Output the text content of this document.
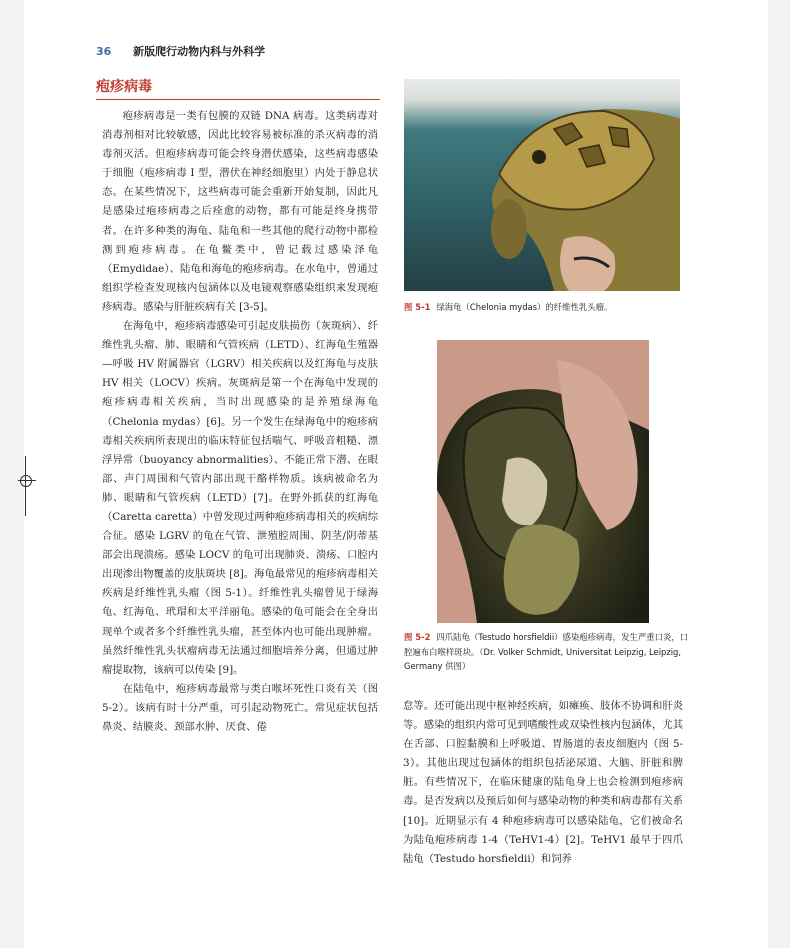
36 新版爬行动物内科与外科学
疱疹病毒

疱疹病毒是一类有包膜的双链 DNA 病毒。这类病毒对消毒剂相对比较敏感，因此比较容易被标准的杀灭病毒的消毒剂灭活。但疱疹病毒可能会终身潜伏感染，这些病毒感染于细胞（疱疹病毒 I 型，潜伏在神经细胞里）内处于静息状态。在某些情况下，这些病毒可能会重新开始复制，因此凡是感染过疱疹病毒之后痊愈的动物，都有可能是终身携带者。在许多种类的海龟、陆龟和一些其他的爬行动物中都检测到疱疹病毒。在龟鳖类中，曾记载过感染泽龟（Emydidae）、陆龟和海龟的疱疹病毒。在水龟中，曾通过组织学检查发现核内包涵体以及电镜观察感染组织来发现疱疹病毒。感染与肝脏疾病有关 [3-5]。

在海龟中，疱疹病毒感染可引起皮肤损伤（灰斑病）、纤维性乳头瘤、肺、眼睛和气管疾病（LETD）、红海龟生殖器—呼吸 HV 附属器官（LGRV）相关疾病以及红海龟与皮肤 HV 相关（LOCV）疾病。灰斑病是第一个在海龟中发现的疱疹病毒相关疾病，当时出现感染的是养殖绿海龟（Chelonia mydas）[6]。另一个发生在绿海龟中的疱疹病毒相关疾病所表现出的临床特征包括喘气、呼吸音粗糙、漂浮异常（buoyancy abnormalities）、不能正常下潜、在眼部、声门周围和气管内部出现干酪样物质。该病被命名为肺、眼睛和气管疾病（LETD）[7]。在野外抓获的红海龟（Caretta caretta）中曾发现过两种疱疹病毒相关的疾病综合征。感染 LGRV 的龟在气管、泄殖腔周围、阴茎/阴蒂基部会出现溃疡。感染 LOCV 的龟可出现肺炎、溃疡、口腔内出现渗出物覆盖的皮肤斑块 [8]。海龟最常见的疱疹病毒相关疾病是纤维性乳头瘤（图 5-1）。纤维性乳头瘤曾见于绿海龟、红海龟、玳瑁和太平洋丽龟。感染的龟可能会在全身出现单个或者多个纤维性乳头瘤，甚至体内也可能出现肿瘤。虽然纤维性乳头状瘤病毒无法通过细胞培养分离，但通过肿瘤提取物，该病可以传染 [9]。

在陆龟中，疱疹病毒最常与类白喉坏死性口炎有关（图 5-2）。该病有时十分严重，可引起动物死亡。常见症状包括鼻炎、结膜炎、颈部水肿、厌食、倦

图 5-1 绿海龟（Chelonia mydas）的纤维性乳头瘤。
图 5-2 四爪陆龟（Testudo horsfieldii）感染疱疹病毒，发生严重口炎，口腔遍布白喉样斑块。（Dr. Volker Schmidt, Universitat Leipzig, Leipzig, Germany 供图）

怠等。还可能出现中枢神经疾病，如瘫痪、肢体不协调和肝炎等。感染的组织内常可见到嗜酸性或双染性核内包涵体，尤其在舌部、口腔黏膜和上呼吸道、胃肠道的表皮细胞内（图 5-3）。其他出现过包涵体的组织包括泌尿道、大脑、肝脏和脾脏。有些情况下，在临床健康的陆龟身上也会检测到疱疹病毒。是否发病以及预后如何与感染动物的种类和病毒都有关系 [10]。近期显示有 4 种疱疹病毒可以感染陆龟，它们被命名为陆龟疱疹病毒 1-4（TeHV1-4）[2]。TeHV1 最早于四爪陆龟（Testudo horsfieldii）和饲养
